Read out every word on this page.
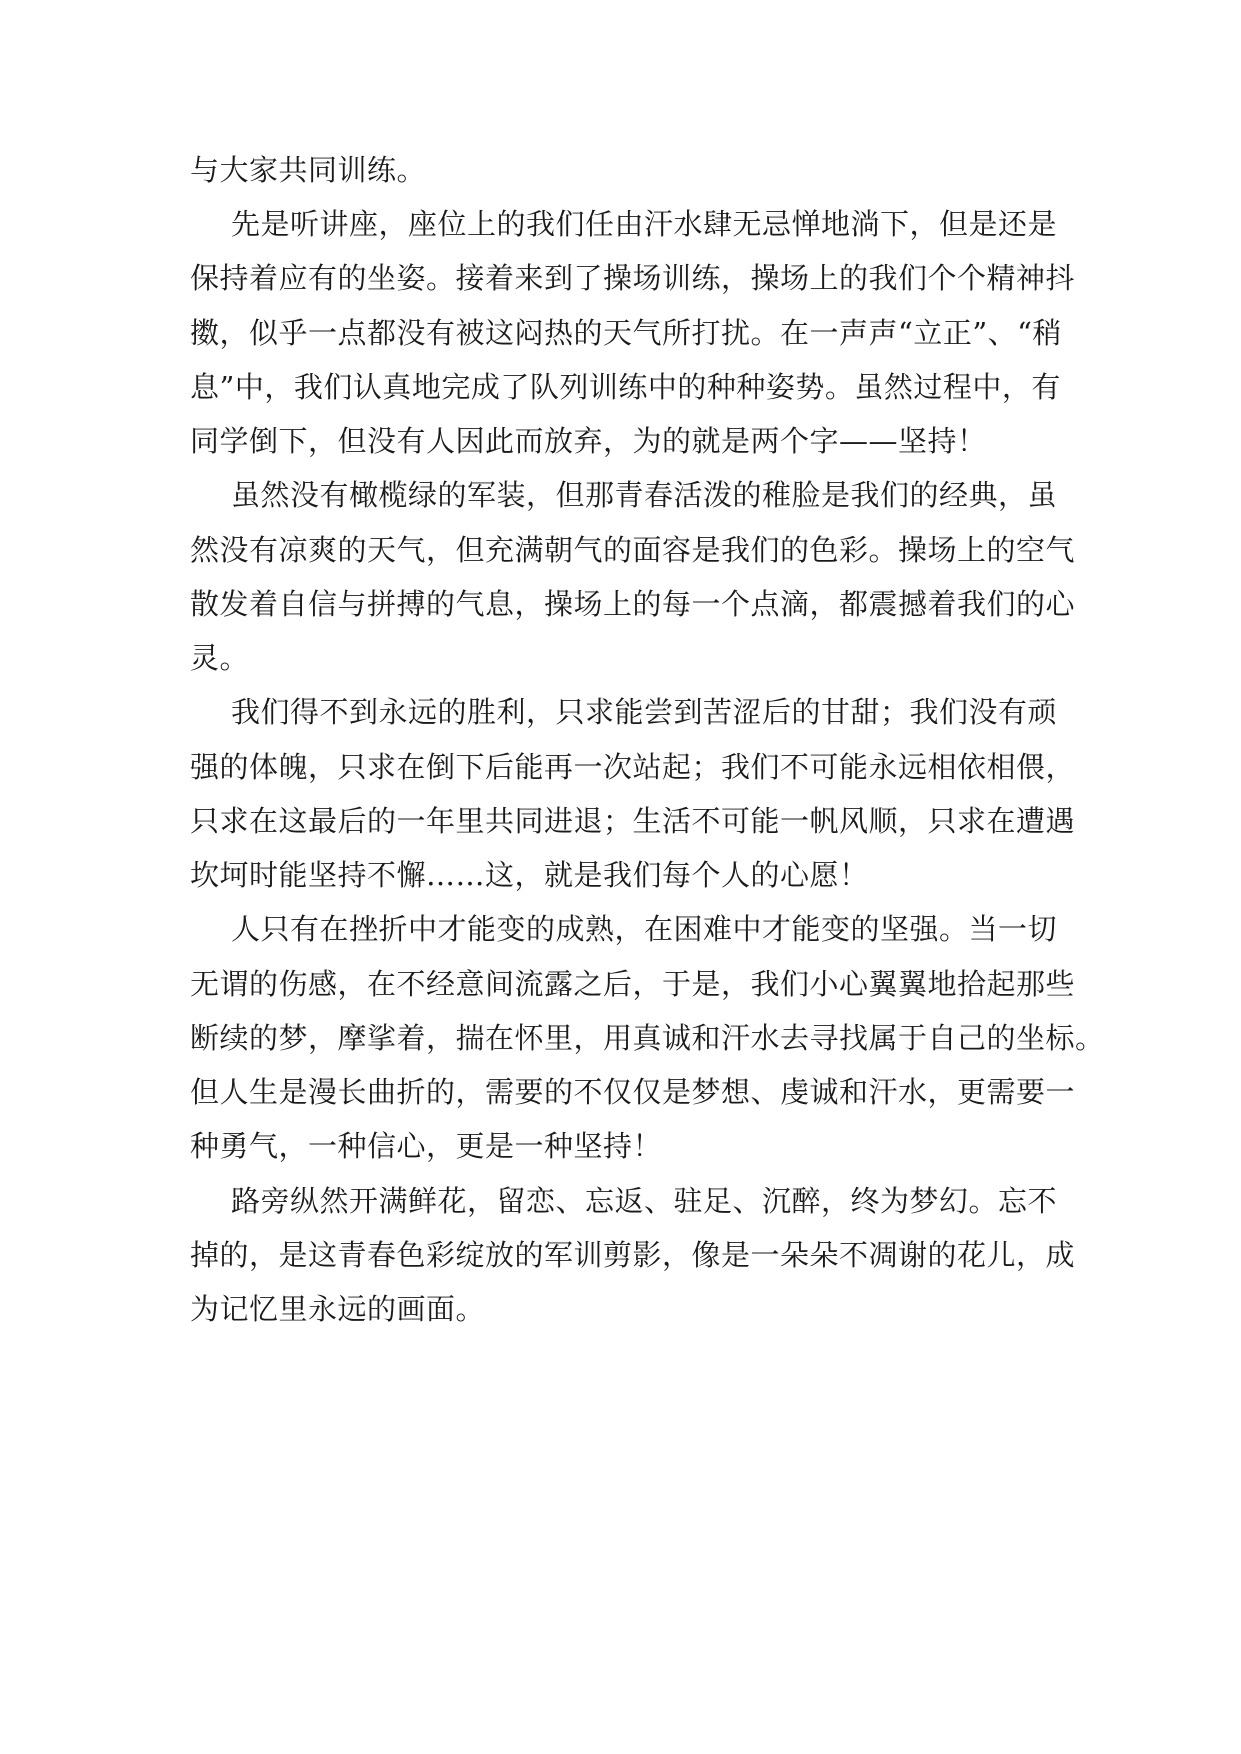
与大家共同训练。
先是听讲座，座位上的我们任由汗水肆无忌惮地淌下，但是还是
保持着应有的坐姿。接着来到了操场训练，操场上的我们个个精神抖
擞，似乎一点都没有被这闷热的天气所打扰。在一声声“立正”、“稍
息”中，我们认真地完成了队列训练中的种种姿势。虽然过程中，有
同学倒下，但没有人因此而放弃，为的就是两个字——坚持！
虽然没有橄榄绿的军装，但那青春活泼的稚脸是我们的经典，虽
然没有凉爽的天气，但充满朝气的面容是我们的色彩。操场上的空气
散发着自信与拼搏的气息，操场上的每一个点滴，都震撼着我们的心
灵。
我们得不到永远的胜利，只求能尝到苦涩后的甘甜；我们没有顽
强的体魄，只求在倒下后能再一次站起；我们不可能永远相依相偎，
只求在这最后的一年里共同进退；生活不可能一帆风顺，只求在遭遇
坎坷时能坚持不懈……这，就是我们每个人的心愿！
人只有在挫折中才能变的成熟，在困难中才能变的坚强。当一切
无谓的伤感，在不经意间流露之后，于是，我们小心翼翼地拾起那些
断续的梦，摩挲着，揣在怀里，用真诚和汗水去寻找属于自己的坐标。
但人生是漫长曲折的，需要的不仅仅是梦想、虔诚和汗水，更需要一
种勇气，一种信心，更是一种坚持！
路旁纵然开满鲜花，留恋、忘返、驻足、沉醉，终为梦幻。忘不
掉的，是这青春色彩绽放的军训剪影，像是一朵朵不凋谢的花儿，成
为记忆里永远的画面。
